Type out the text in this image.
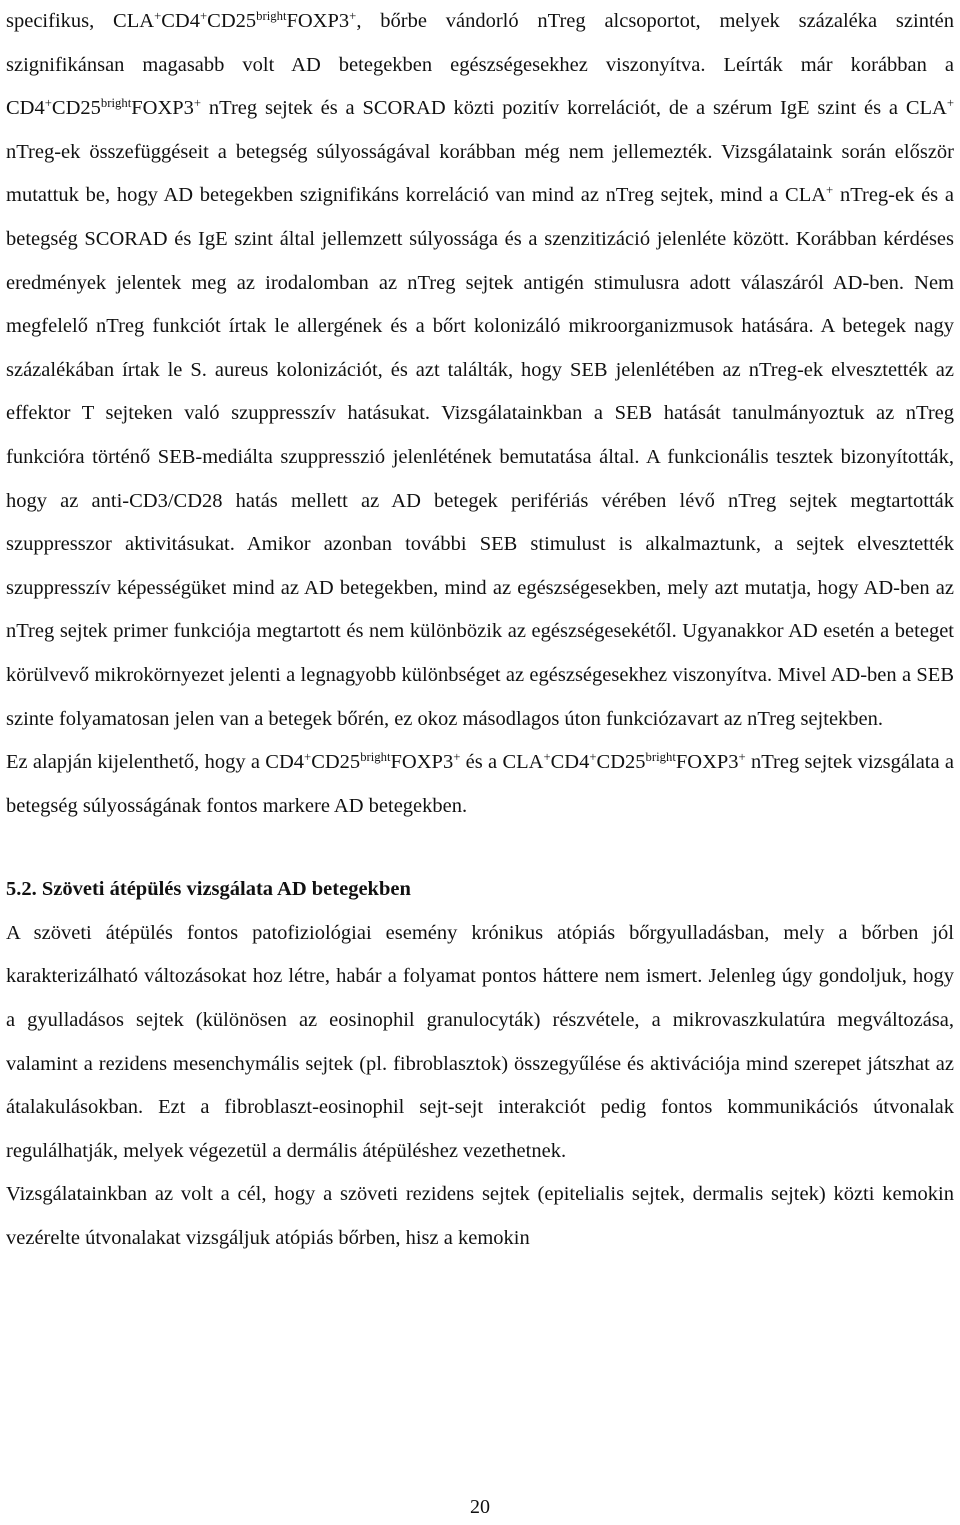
specifikus, $CLA^+CD4^+CD25^{bright}FOXP3^+$, bőrbe vándorló nTreg alcsoportot, melyek százaléka szintén szignifikánsan magasabb volt AD betegekben egészségesekhez viszonyítva. Leírták már korábban a $CD4^+CD25^{bright}FOXP3^+$ nTreg sejtek és a SCORAD közti pozitív korrelációt, de a szérum IgE szint és a CLA+ nTreg-ek összefüggéseit a betegség súlyosságával korábban még nem jellemezték. Vizsgálataink során először mutattuk be, hogy AD betegekben szignifikáns korreláció van mind az nTreg sejtek, mind a CLA+ nTreg-ek és a betegség SCORAD és IgE szint által jellemzett súlyossága és a szenzitizáció jelenléte között. Korábban kérdéses eredmények jelentek meg az irodalomban az nTreg sejtek antigén stimulusra adott válaszáról AD-ben. Nem megfelelő nTreg funkciót írtak le allergének és a bőrt kolonizáló mikroorganizmusok hatására. A betegek nagy százalékában írtak le S. aureus kolonizációt, és azt találták, hogy SEB jelenlétében az nTreg-ek elvesztették az effektor T sejteken való szuppresszív hatásukat. Vizsgálatainkban a SEB hatását tanulmányoztuk az nTreg funkcióra történő SEB-mediálta szuppresszió jelenlétének bemutatása által. A funkcionális tesztek bizonyították, hogy az anti-CD3/CD28 hatás mellett az AD betegek perifériás vérében lévő nTreg sejtek megtartották szuppresszor aktivitásukat. Amikor azonban további SEB stimulust is alkalmaztunk, a sejtek elvesztették szuppresszív képességüket mind az AD betegekben, mind az egészségesekben, mely azt mutatja, hogy AD-ben az nTreg sejtek primer funkciója megtartott és nem különbözik az egészségesekétől. Ugyanakkor AD esetén a beteget körülvevő mikrokörnyezet jelenti a legnagyobb különbséget az egészségesekhez viszonyítva. Mivel AD-ben a SEB szinte folyamatosan jelen van a betegek bőrén, ez okoz másodlagos úton funkciózavart az nTreg sejtekben.

Ez alapján kijelenthető, hogy a $CD4^+CD25^{bright}FOXP3^+$ és a $CLA^+CD4^+CD25^{bright}FOXP3^+$ nTreg sejtek vizsgálata a betegség súlyosságának fontos markere AD betegekben.

5.2. Szöveti átépülés vizsgálata AD betegekben

A szöveti átépülés fontos patofiziológiai esemény krónikus atópiás bőrgyulladásban, mely a bőrben jól karakterizálható változásokat hoz létre, habár a folyamat pontos háttere nem ismert. Jelenleg úgy gondoljuk, hogy a gyulladásos sejtek (különösen az eosinophil granulocyták) részvétele, a mikrovaszkulatúra megváltozása, valamint a rezidens mesenchymális sejtek (pl. fibroblasztok) összegyűlése és aktivációja mind szerepet játszhat az átalakulásokban. Ezt a fibroblaszt-eosinophil sejt-sejt interakciót pedig fontos kommunikációs útvonalak regulálhatják, melyek végezetül a dermális átépüléshez vezethetnek.

Vizsgálatainkban az volt a cél, hogy a szöveti rezidens sejtek (epitelialis sejtek, dermalis sejtek) közti kemokin vezérelte útvonalakat vizsgáljuk atópiás bőrben, hisz a kemokin

20
